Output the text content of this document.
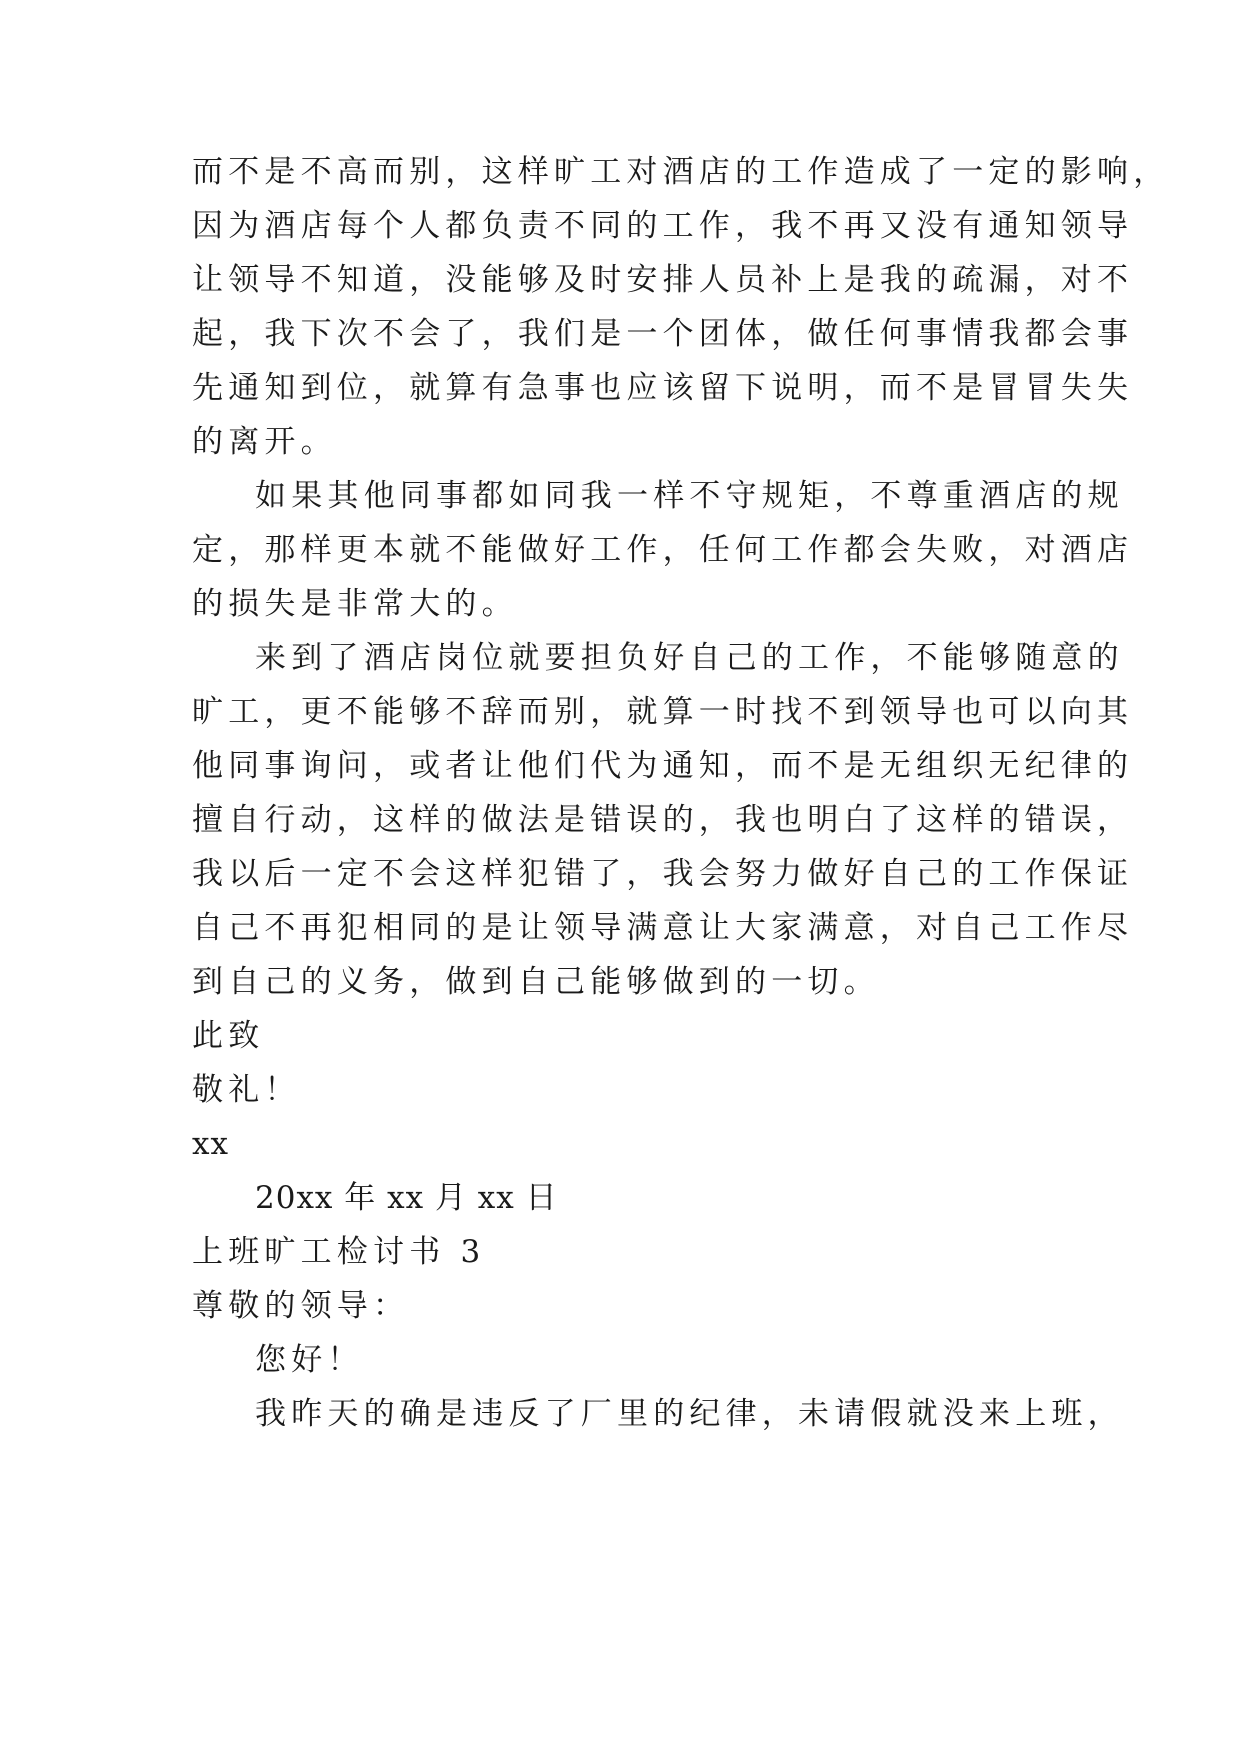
而不是不高而别，这样旷工对酒店的工作造成了一定的影响，
因为酒店每个人都负责不同的工作，我不再又没有通知领导
让领导不知道，没能够及时安排人员补上是我的疏漏，对不
起，我下次不会了，我们是一个团体，做任何事情我都会事
先通知到位，就算有急事也应该留下说明，而不是冒冒失失
的离开。
如果其他同事都如同我一样不守规矩，不尊重酒店的规
定，那样更本就不能做好工作，任何工作都会失败，对酒店
的损失是非常大的。
来到了酒店岗位就要担负好自己的工作，不能够随意的
旷工，更不能够不辞而别，就算一时找不到领导也可以向其
他同事询问，或者让他们代为通知，而不是无组织无纪律的
擅自行动，这样的做法是错误的，我也明白了这样的错误，
我以后一定不会这样犯错了，我会努力做好自己的工作保证
自己不再犯相同的是让领导满意让大家满意，对自己工作尽
到自己的义务，做到自己能够做到的一切。
此致
敬礼！
xx
20xx 年 xx 月 xx 日
上班旷工检讨书 3
尊敬的领导：
您好！
我昨天的确是违反了厂里的纪律，未请假就没来上班，
